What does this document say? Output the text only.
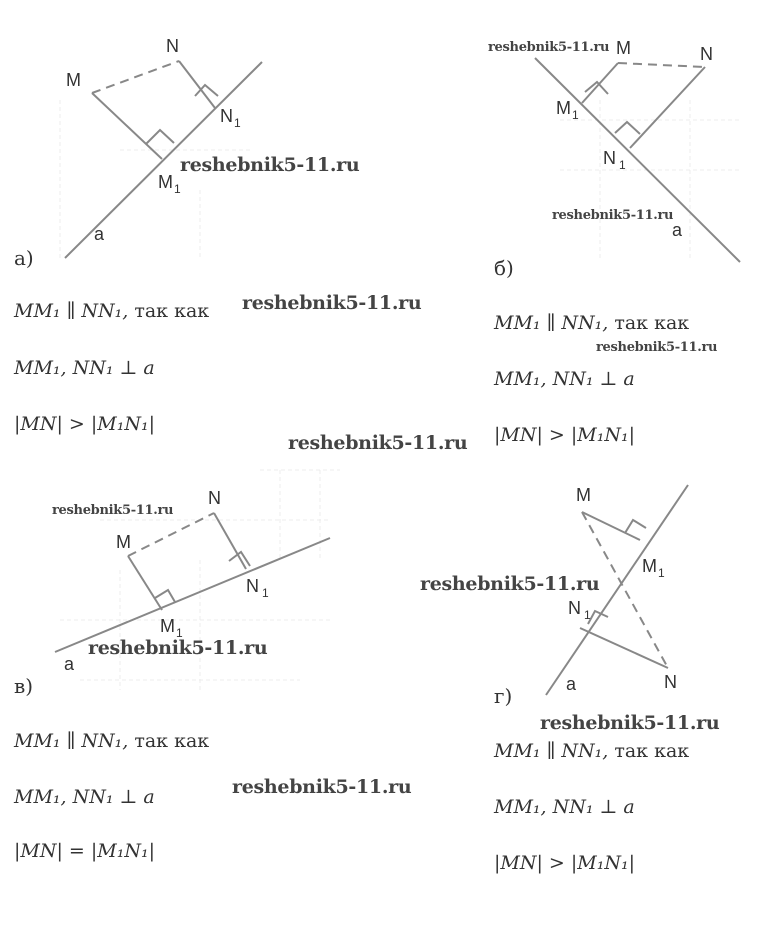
M
N
N 1
M 1
a
M	N
M 1
N 1
a
M
N
N 1
M 1
a
M
M 1
N 1
N
a
а)	б)
в)	г)
MM₁ ∥ NN₁, так как
MM₁, NN₁ ⊥ a
|MN| > |M₁N₁|
MM₁ ∥ NN₁, так как
MM₁, NN₁ ⊥ a
|MN| > |M₁N₁|
MM₁ ∥ NN₁, так как
MM₁, NN₁ ⊥ a
|MN| = |M₁N₁|
MM₁ ∥ NN₁, так как
MM₁, NN₁ ⊥ a
|MN| > |M₁N₁|
reshebnik5-11.ru
reshebnik5-11.ru
reshebnik5-11.ru
reshebnik5-11.ru
reshebnik5-11.ru
reshebnik5-11.ru
reshebnik5-11.ru
reshebnik5-11.ru
reshebnik5-11.ru
reshebnik5-11.ru
reshebnik5-11.ru
